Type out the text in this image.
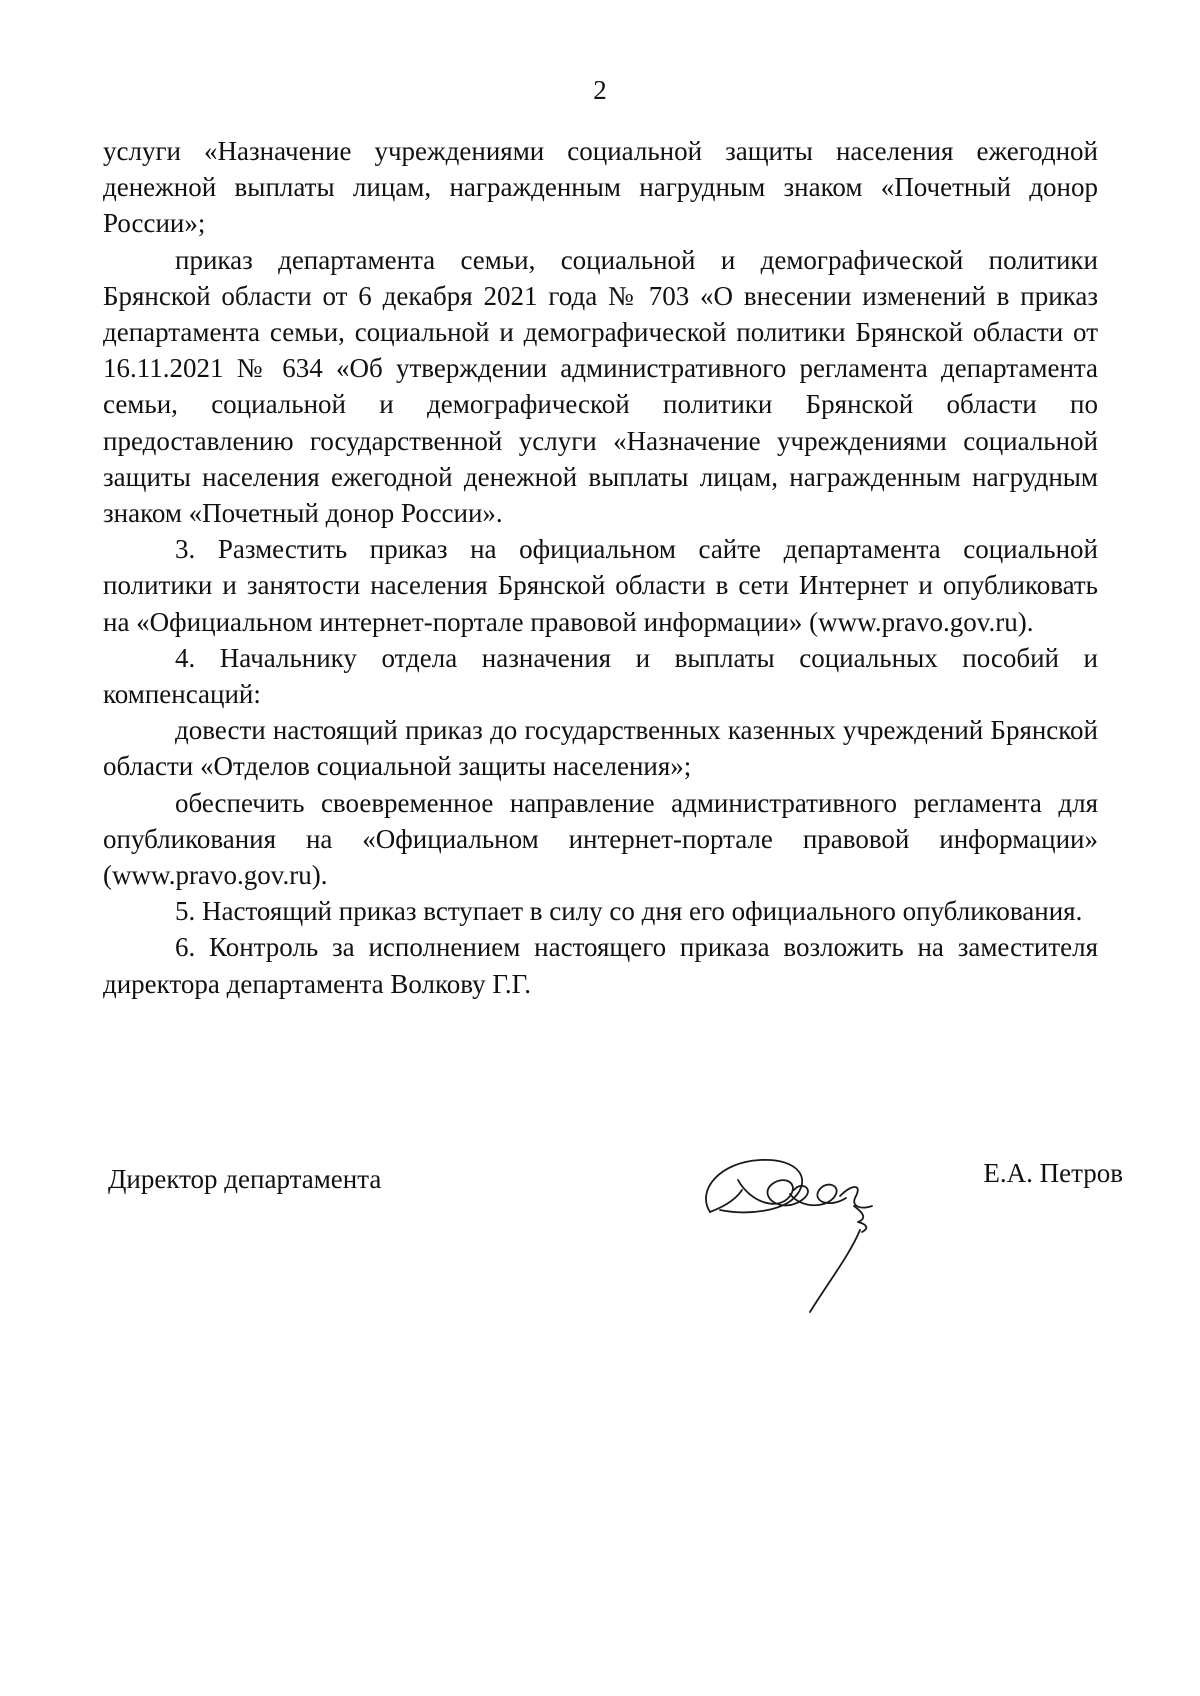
2

услуги «Назначение учреждениями социальной защиты населения ежегодной денежной выплаты лицам, награжденным нагрудным знаком «Почетный донор России»;

приказ департамента семьи, социальной и демографической политики Брянской области от 6 декабря 2021 года № 703 «О внесении изменений в приказ департамента семьи, социальной и демографической политики Брянской области от 16.11.2021 № 634 «Об утверждении административного регламента департамента семьи, социальной и демографической политики Брянской области по предоставлению государственной услуги «Назначение учреждениями социальной защиты населения ежегодной денежной выплаты лицам, награжденным нагрудным знаком «Почетный донор России».

3. Разместить приказ на официальном сайте департамента социальной политики и занятости населения Брянской области в сети Интернет и опубликовать на «Официальном интернет-портале правовой информации» (www.pravo.gov.ru).

4. Начальнику отдела назначения и выплаты социальных пособий и компенсаций:

довести настоящий приказ до государственных казенных учреждений Брянской области «Отделов социальной защиты населения»;

обеспечить своевременное направление административного регламента для опубликования на «Официальном интернет-портале правовой информации» (www.pravo.gov.ru).

5. Настоящий приказ вступает в силу со дня его официального опубликования.

6. Контроль за исполнением настоящего приказа возложить на заместителя директора департамента Волкову Г.Г.

Директор департамента	Е.А. Петров
